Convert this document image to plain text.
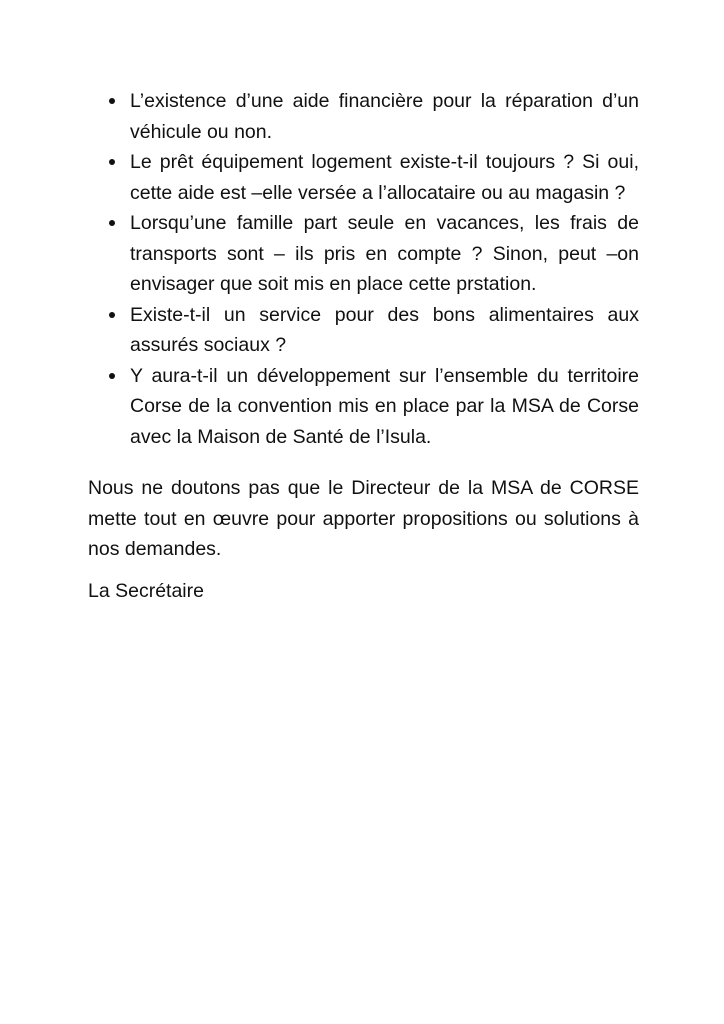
L’existence d’une aide financière pour la réparation d’un véhicule ou non.
Le prêt équipement logement existe-t-il toujours ? Si oui, cette aide est –elle versée a l’allocataire ou au magasin ?
Lorsqu’une famille part seule en vacances, les frais de transports sont – ils pris en compte ? Sinon, peut –on envisager que soit mis en place cette prstation.
Existe-t-il un service pour des bons alimentaires aux assurés sociaux ?
Y aura-t-il un développement sur l’ensemble du territoire Corse de la convention mis en place par la MSA de Corse avec la Maison de Santé de l’Isula.

Nous ne doutons pas que le Directeur de la MSA de CORSE mette tout en œuvre pour apporter propositions ou solutions à nos demandes.

La Secrétaire
